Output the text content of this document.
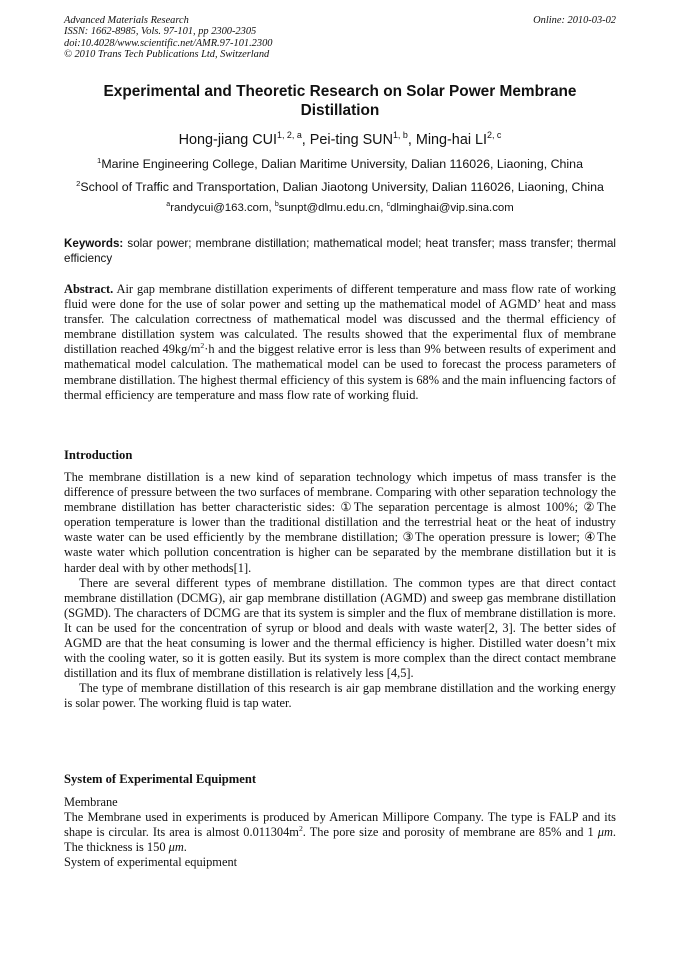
Advanced Materials Research
ISSN: 1662-8985, Vols. 97-101, pp 2300-2305
doi:10.4028/www.scientific.net/AMR.97-101.2300
© 2010 Trans Tech Publications Ltd, Switzerland
Online: 2010-03-02
Experimental and Theoretic Research on Solar Power Membrane Distillation
Hong-jiang CUI$^{1, 2, a}$, Pei-ting SUN$^{1, b}$, Ming-hai LI$^{2, c}$
$^1$Marine Engineering College, Dalian Maritime University, Dalian 116026, Liaoning, China
$^2$School of Traffic and Transportation, Dalian Jiaotong University, Dalian 116026, Liaoning, China
$^a$randycui@163.com, $^b$sunpt@dlmu.edu.cn, $^c$dlminghai@vip.sina.com
Keywords: solar power; membrane distillation; mathematical model; heat transfer; mass transfer; thermal efficiency
Abstract. Air gap membrane distillation experiments of different temperature and mass flow rate of working fluid were done for the use of solar power and setting up the mathematical model of AGMD’ heat and mass transfer. The calculation correctness of mathematical model was discussed and the thermal efficiency of membrane distillation system was calculated. The results showed that the experimental flux of membrane distillation reached $49kg/m^2\cdot h$ and the biggest relative error is less than 9% between results of experiment and mathematical model calculation. The mathematical model can be used to forecast the process parameters of membrane distillation. The highest thermal efficiency of this system is 68% and the main influencing factors of thermal efficiency are temperature and mass flow rate of working fluid.
Introduction

The membrane distillation is a new kind of separation technology which impetus of mass transfer is the difference of pressure between the two surfaces of membrane. Comparing with other separation technology the membrane distillation has better characteristic sides: ①The separation percentage is almost 100%; ②The operation temperature is lower than the traditional distillation and the terrestrial heat or the heat of industry waste water can be used efficiently by the membrane distillation; ③The operation pressure is lower; ④The waste water which pollution concentration is higher can be separated by the membrane distillation but it is harder deal with by other methods[1].

There are several different types of membrane distillation. The common types are that direct contact membrane distillation (DCMG), air gap membrane distillation (AGMD) and sweep gas membrane distillation (SGMD). The characters of DCMG are that its system is simpler and the flux of membrane distillation is more. It can be used for the concentration of syrup or blood and deals with waste water[2, 3]. The better sides of AGMD are that the heat consuming is lower and the thermal efficiency is higher. Distilled water doesn’t mix with the cooling water, so it is gotten easily. But its system is more complex than the direct contact membrane distillation and its flux of membrane distillation is relatively less [4,5].

The type of membrane distillation of this research is air gap membrane distillation and the working energy is solar power. The working fluid is tap water.

System of Experimental Equipment
Membrane

The Membrane used in experiments is produced by American Millipore Company. The type is FALP and its shape is circular. Its area is almost $0.011304m^2$. The pore size and porosity of membrane are 85% and 1 μm. The thickness is 150 μm.

System of experimental equipment
